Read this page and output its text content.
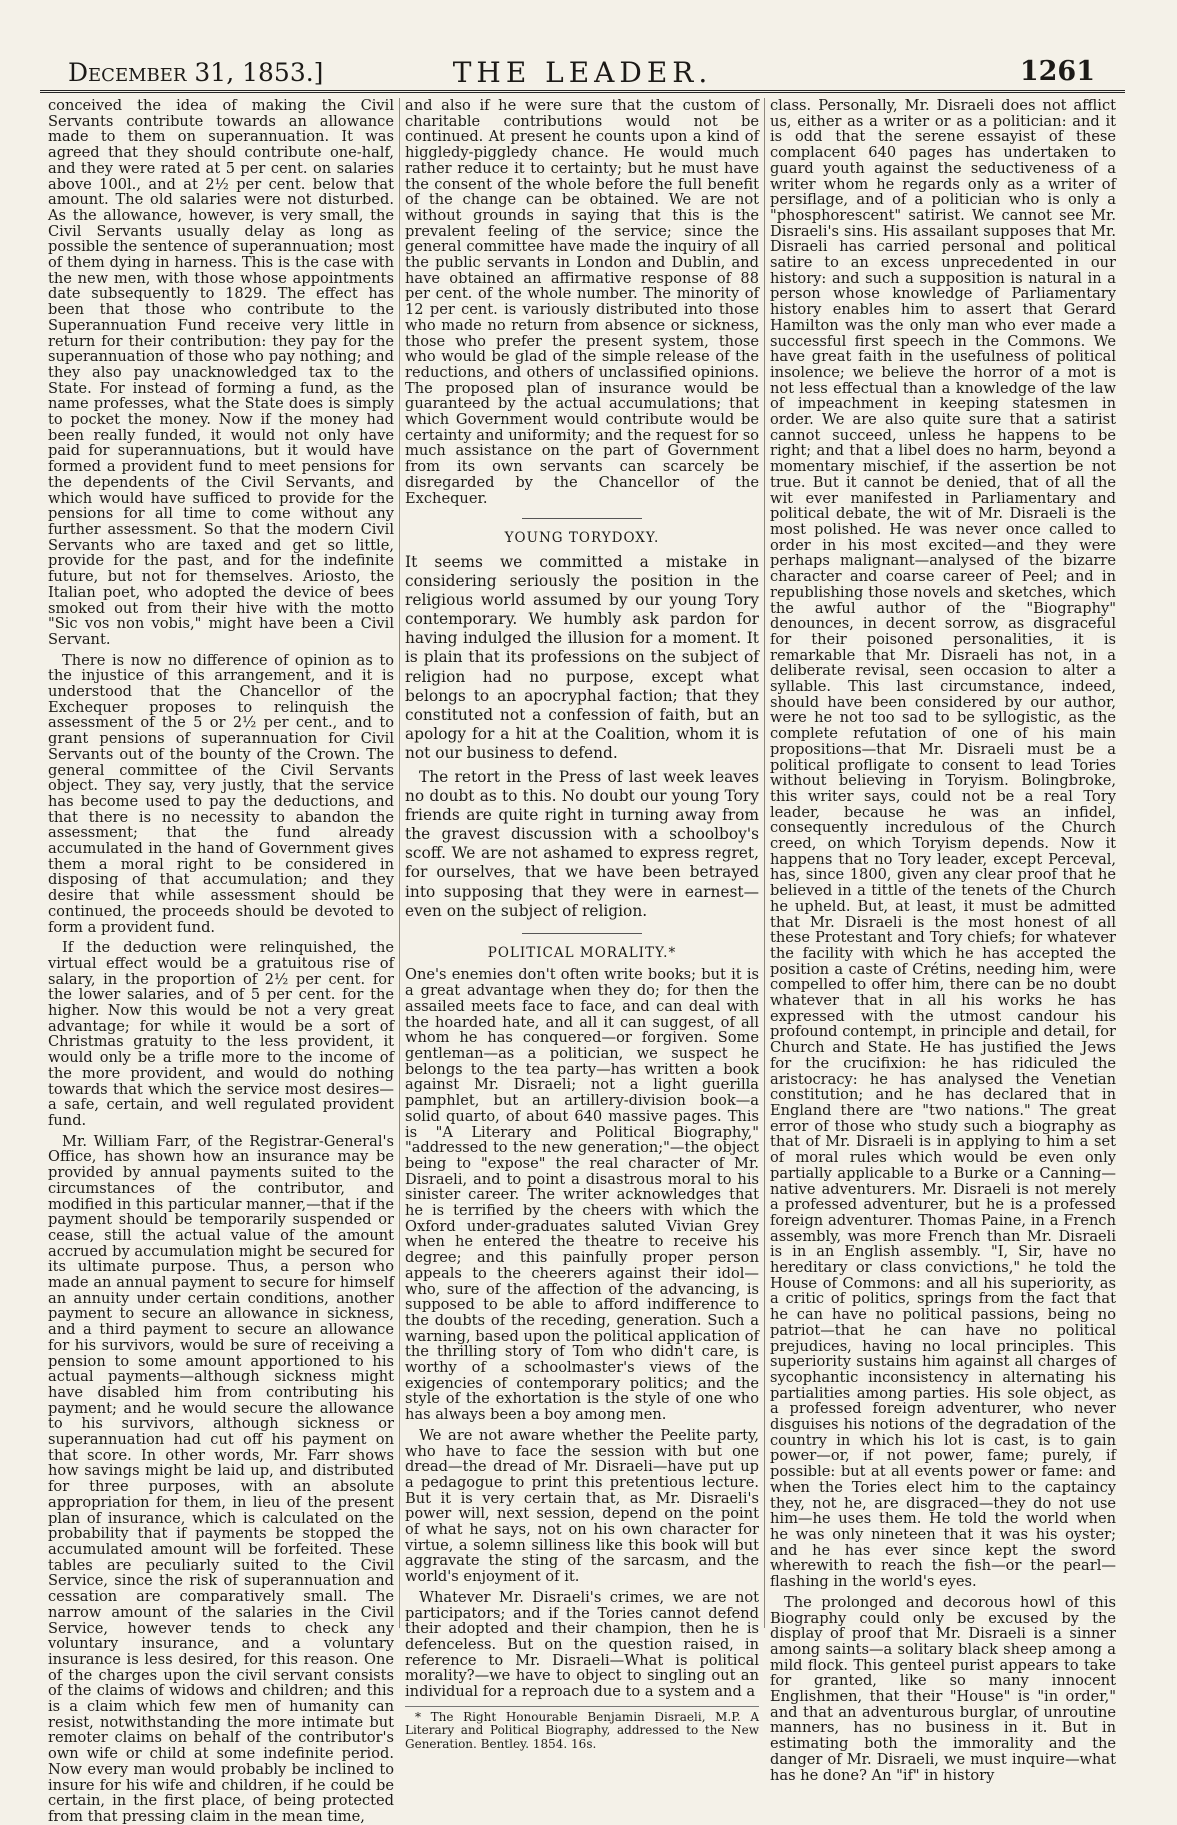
December 31, 1853.]	THE LEADER.	1261

conceived the idea of making the Civil Servants contribute towards an allowance made to them on superannuation. It was agreed that they should contribute one-half, and they were rated at 5 per cent. on salaries above 100l., and at 2½ per cent. below that amount. The old salaries were not disturbed. As the allowance, however, is very small, the Civil Servants usually delay as long as possible the sentence of superannuation; most of them dying in harness. This is the case with the new men, with those whose appointments date subsequently to 1829. The effect has been that those who contribute to the Superannuation Fund receive very little in return for their contribution: they pay for the superannuation of those who pay nothing; and they also pay unacknowledged tax to the State. For instead of forming a fund, as the name professes, what the State does is simply to pocket the money. Now if the money had been really funded, it would not only have paid for superannuations, but it would have formed a provident fund to meet pensions for the dependents of the Civil Servants, and which would have sufficed to provide for the pensions for all time to come without any further assessment. So that the modern Civil Servants who are taxed and get so little, provide for the past, and for the indefinite future, but not for themselves. Ariosto, the Italian poet, who adopted the device of bees smoked out from their hive with the motto "Sic vos non vobis," might have been a Civil Servant.

There is now no difference of opinion as to the injustice of this arrangement, and it is understood that the Chancellor of the Exchequer proposes to relinquish the assessment of the 5 or 2½ per cent., and to grant pensions of superannuation for Civil Servants out of the bounty of the Crown. The general committee of the Civil Servants object. They say, very justly, that the service has become used to pay the deductions, and that there is no necessity to abandon the assessment; that the fund already accumulated in the hand of Government gives them a moral right to be considered in disposing of that accumulation; and they desire that while assessment should be continued, the proceeds should be devoted to form a provident fund.

If the deduction were relinquished, the virtual effect would be a gratuitous rise of salary, in the proportion of 2½ per cent. for the lower salaries, and of 5 per cent. for the higher. Now this would be not a very great advantage; for while it would be a sort of Christmas gratuity to the less provident, it would only be a trifle more to the income of the more provident, and would do nothing towards that which the service most desires—a safe, certain, and well regulated provident fund.

Mr. William Farr, of the Registrar-General's Office, has shown how an insurance may be provided by annual payments suited to the circumstances of the contributor, and modified in this particular manner,—that if the payment should be temporarily suspended or cease, still the actual value of the amount accrued by accumulation might be secured for its ultimate purpose. Thus, a person who made an annual payment to secure for himself an annuity under certain conditions, another payment to secure an allowance in sickness, and a third payment to secure an allowance for his survivors, would be sure of receiving a pension to some amount apportioned to his actual payments—although sickness might have disabled him from contributing his payment; and he would secure the allowance to his survivors, although sickness or superannuation had cut off his payment on that score. In other words, Mr. Farr shows how savings might be laid up, and distributed for three purposes, with an absolute appropriation for them, in lieu of the present plan of insurance, which is calculated on the probability that if payments be stopped the accumulated amount will be forfeited. These tables are peculiarly suited to the Civil Service, since the risk of superannuation and cessation are comparatively small. The narrow amount of the salaries in the Civil Service, however tends to check any voluntary insurance, and a voluntary insurance is less desired, for this reason. One of the charges upon the civil servant consists of the claims of widows and children; and this is a claim which few men of humanity can resist, notwithstanding the more intimate but remoter claims on behalf of the contributor's own wife or child at some indefinite period. Now every man would probably be inclined to insure for his wife and children, if he could be certain, in the first place, of being protected from that pressing claim in the mean time,

and also if he were sure that the custom of charitable contributions would not be continued. At present he counts upon a kind of higgledy-piggledy chance. He would much rather reduce it to certainty; but he must have the consent of the whole before the full benefit of the change can be obtained. We are not without grounds in saying that this is the prevalent feeling of the service; since the general committee have made the inquiry of all the public servants in London and Dublin, and have obtained an affirmative response of 88 per cent. of the whole number. The minority of 12 per cent. is variously distributed into those who made no return from absence or sickness, those who prefer the present system, those who would be glad of the simple release of the reductions, and others of unclassified opinions. The proposed plan of insurance would be guaranteed by the actual accumulations; that which Government would contribute would be certainty and uniformity; and the request for so much assistance on the part of Government from its own servants can scarcely be disregarded by the Chancellor of the Exchequer.

YOUNG TORYDOXY.

It seems we committed a mistake in considering seriously the position in the religious world assumed by our young Tory contemporary. We humbly ask pardon for having indulged the illusion for a moment. It is plain that its professions on the subject of religion had no purpose, except what belongs to an apocryphal faction; that they constituted not a confession of faith, but an apology for a hit at the Coalition, whom it is not our business to defend.

The retort in the Press of last week leaves no doubt as to this. No doubt our young Tory friends are quite right in turning away from the gravest discussion with a schoolboy's scoff. We are not ashamed to express regret, for ourselves, that we have been betrayed into supposing that they were in earnest—even on the subject of religion.

POLITICAL MORALITY.*

One's enemies don't often write books; but it is a great advantage when they do; for then the assailed meets face to face, and can deal with the hoarded hate, and all it can suggest, of all whom he has conquered—or forgiven. Some gentleman—as a politician, we suspect he belongs to the tea party—has written a book against Mr. Disraeli; not a light guerilla pamphlet, but an artillery-division book—a solid quarto, of about 640 massive pages. This is "A Literary and Political Biography," "addressed to the new generation;"—the object being to "expose" the real character of Mr. Disraeli, and to point a disastrous moral to his sinister career. The writer acknowledges that he is terrified by the cheers with which the Oxford under-graduates saluted Vivian Grey when he entered the theatre to receive his degree; and this painfully proper person appeals to the cheerers against their idol—who, sure of the affection of the advancing, is supposed to be able to afford indifference to the doubts of the receding, generation. Such a warning, based upon the political application of the thrilling story of Tom who didn't care, is worthy of a schoolmaster's views of the exigencies of contemporary politics; and the style of the exhortation is the style of one who has always been a boy among men.

We are not aware whether the Peelite party, who have to face the session with but one dread—the dread of Mr. Disraeli—have put up a pedagogue to print this pretentious lecture. But it is very certain that, as Mr. Disraeli's power will, next session, depend on the point of what he says, not on his own character for virtue, a solemn silliness like this book will but aggravate the sting of the sarcasm, and the world's enjoyment of it.

Whatever Mr. Disraeli's crimes, we are not participators; and if the Tories cannot defend their adopted and their champion, then he is defenceless. But on the question raised, in reference to Mr. Disraeli—What is political morality?—we have to object to singling out an individual for a reproach due to a system and a

* The Right Honourable Benjamin Disraeli, M.P. A Literary and Political Biography, addressed to the New Generation. Bentley. 1854. 16s.

class. Personally, Mr. Disraeli does not afflict us, either as a writer or as a politician: and it is odd that the serene essayist of these complacent 640 pages has undertaken to guard youth against the seductiveness of a writer whom he regards only as a writer of persiflage, and of a politician who is only a "phosphorescent" satirist. We cannot see Mr. Disraeli's sins. His assailant supposes that Mr. Disraeli has carried personal and political satire to an excess unprecedented in our history: and such a supposition is natural in a person whose knowledge of Parliamentary history enables him to assert that Gerard Hamilton was the only man who ever made a successful first speech in the Commons. We have great faith in the usefulness of political insolence; we believe the horror of a mot is not less effectual than a knowledge of the law of impeachment in keeping statesmen in order. We are also quite sure that a satirist cannot succeed, unless he happens to be right; and that a libel does no harm, beyond a momentary mischief, if the assertion be not true. But it cannot be denied, that of all the wit ever manifested in Parliamentary and political debate, the wit of Mr. Disraeli is the most polished. He was never once called to order in his most excited—and they were perhaps malignant—analysed of the bizarre character and coarse career of Peel; and in republishing those novels and sketches, which the awful author of the "Biography" denounces, in decent sorrow, as disgraceful for their poisoned personalities, it is remarkable that Mr. Disraeli has not, in a deliberate revisal, seen occasion to alter a syllable. This last circumstance, indeed, should have been considered by our author, were he not too sad to be syllogistic, as the complete refutation of one of his main propositions—that Mr. Disraeli must be a political profligate to consent to lead Tories without believing in Toryism. Bolingbroke, this writer says, could not be a real Tory leader, because he was an infidel, consequently incredulous of the Church creed, on which Toryism depends. Now it happens that no Tory leader, except Perceval, has, since 1800, given any clear proof that he believed in a tittle of the tenets of the Church he upheld. But, at least, it must be admitted that Mr. Disraeli is the most honest of all these Protestant and Tory chiefs; for whatever the facility with which he has accepted the position a caste of Crétins, needing him, were compelled to offer him, there can be no doubt whatever that in all his works he has expressed with the utmost candour his profound contempt, in principle and detail, for Church and State. He has justified the Jews for the crucifixion: he has ridiculed the aristocracy: he has analysed the Venetian constitution; and he has declared that in England there are "two nations." The great error of those who study such a biography as that of Mr. Disraeli is in applying to him a set of moral rules which would be even only partially applicable to a Burke or a Canning—native adventurers. Mr. Disraeli is not merely a professed adventurer, but he is a professed foreign adventurer. Thomas Paine, in a French assembly, was more French than Mr. Disraeli is in an English assembly. "I, Sir, have no hereditary or class convictions," he told the House of Commons: and all his superiority, as a critic of politics, springs from the fact that he can have no political passions, being no patriot—that he can have no political prejudices, having no local principles. This superiority sustains him against all charges of sycophantic inconsistency in alternating his partialities among parties. His sole object, as a professed foreign adventurer, who never disguises his notions of the degradation of the country in which his lot is cast, is to gain power—or, if not power, fame; purely, if possible: but at all events power or fame: and when the Tories elect him to the captaincy they, not he, are disgraced—they do not use him—he uses them. He told the world when he was only nineteen that it was his oyster; and he has ever since kept the sword wherewith to reach the fish—or the pearl—flashing in the world's eyes.

The prolonged and decorous howl of this Biography could only be excused by the display of proof that Mr. Disraeli is a sinner among saints—a solitary black sheep among a mild flock. This genteel purist appears to take for granted, like so many innocent Englishmen, that their "House" is "in order," and that an adventurous burglar, of unroutine manners, has no business in it. But in estimating both the immorality and the danger of Mr. Disraeli, we must inquire—what has he done? An "if" in history
